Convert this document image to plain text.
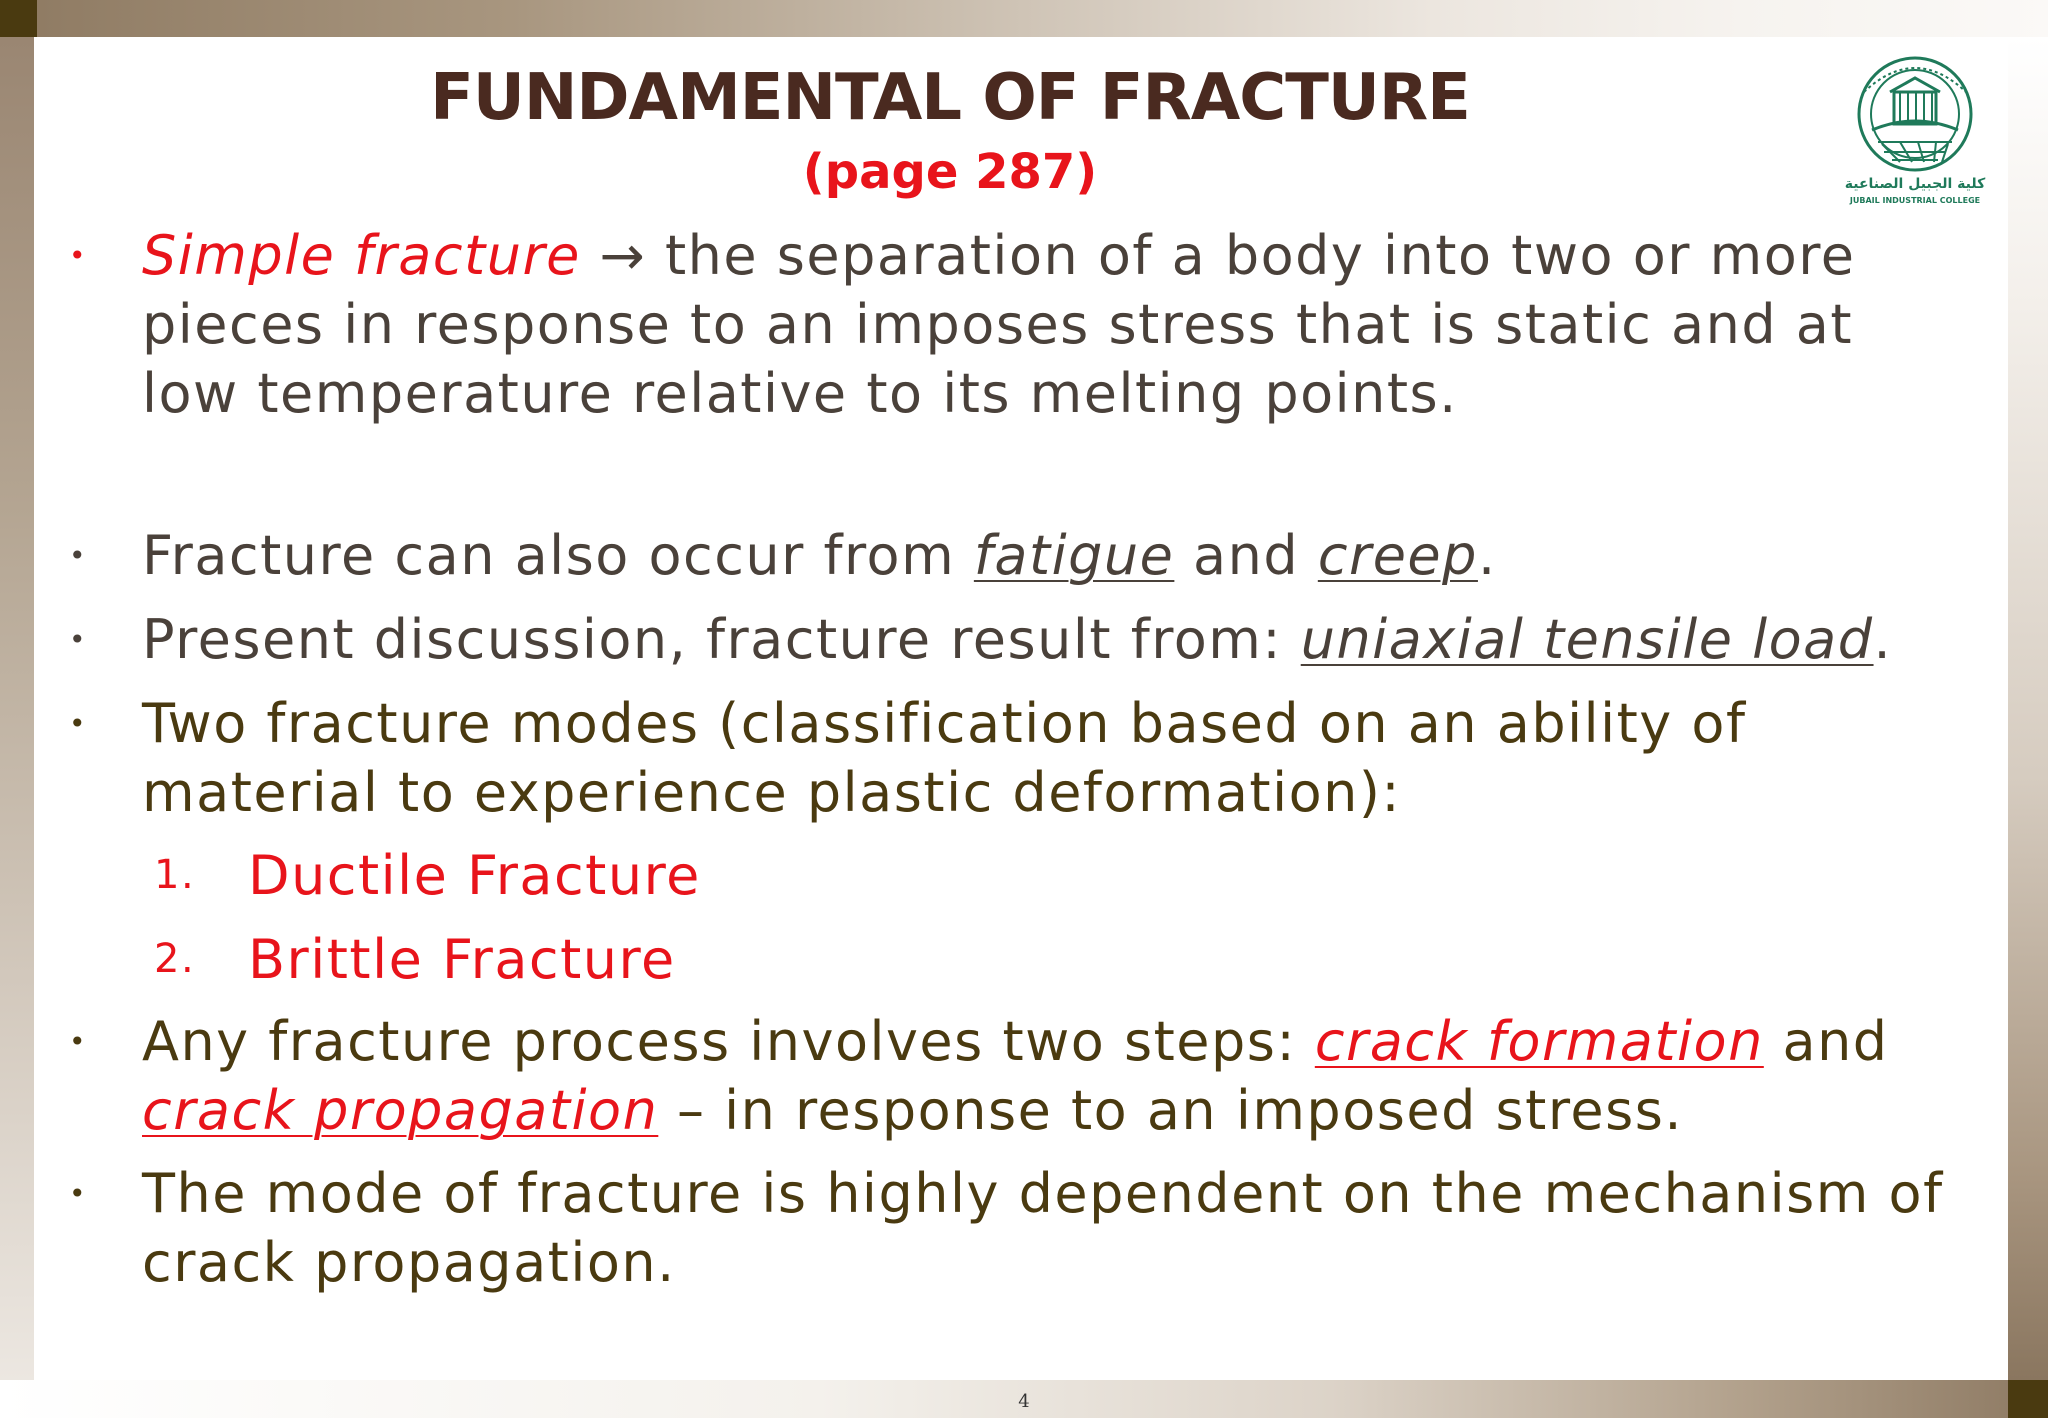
FUNDAMENTAL OF FRACTURE

(page 287)	كلية الجبيل الصناعية
JUBAIL INDUSTRIAL COLLEGE

• Simple fracture → the separation of a body into two or more
pieces in response to an imposes stress that is static and at
low temperature relative to its melting points.

• Fracture can also occur from fatigue and creep.

• Present discussion, fracture result from: uniaxial tensile load.

• Two fracture modes (classification based on an ability of
material to experience plastic deformation):

1. Ductile Fracture
2. Brittle Fracture

• Any fracture process involves two steps: crack formation and
crack propagation – in response to an imposed stress.

• The mode of fracture is highly dependent on the mechanism of
crack propagation.

4
